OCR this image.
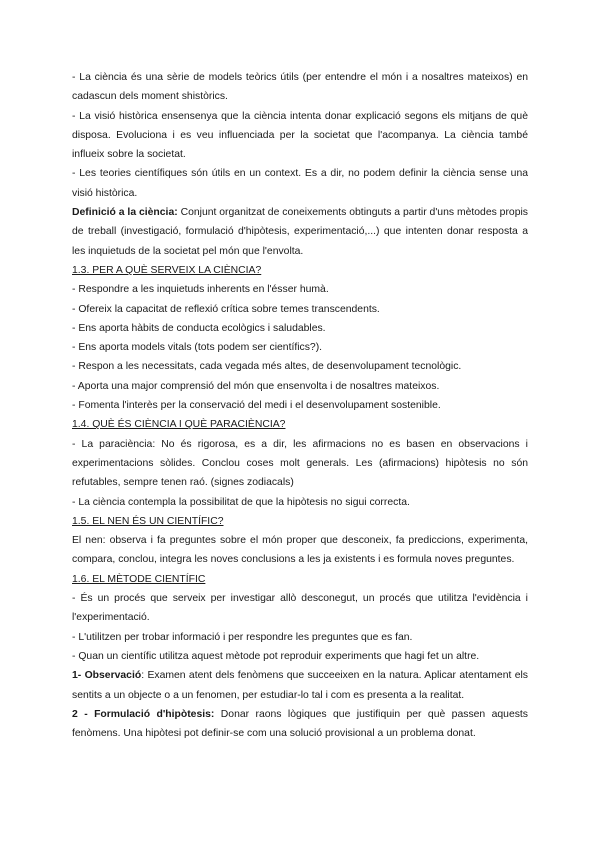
- La ciència és una sèrie de models teòrics útils (per entendre el món i a nosaltres mateixos) en cadascun dels moment shistòrics.

- La visió històrica ensensenya que la ciència intenta donar explicació segons els mitjans de què disposa. Evoluciona i es veu influenciada per la societat que l'acompanya. La ciència també influeix sobre la societat.

- Les teories científiques són útils en un context. Es a dir, no podem definir la ciència sense una visió històrica.

Definició a la ciència: Conjunt organitzat de coneixements obtinguts a partir d'uns mètodes propis de treball (investigació, formulació d'hipòtesis, experimentació,...) que intenten donar resposta a les inquietuds de la societat pel món que l'envolta.

1.3. PER A QUÈ SERVEIX LA CIÈNCIA?

- Respondre a les inquietuds inherents en l'ésser humà.

- Ofereix la capacitat de reflexió crítica sobre temes transcendents.

- Ens aporta hàbits de conducta ecològics i saludables.

- Ens aporta models vitals (tots podem ser científics?).

- Respon a les necessitats, cada vegada més altes, de desenvolupament tecnològic.

- Aporta una major comprensió del món que ensenvolta i de nosaltres mateixos.

- Fomenta l'interès per la conservació del medi i el desenvolupament sostenible.

1.4. QUÈ ÉS CIÈNCIA I QUÈ PARACIÈNCIA?

- La paraciència: No és rigorosa, es a dir, les afirmacions no es basen en observacions i experimentacions sòlides. Conclou coses molt generals. Les (afirmacions) hipòtesis no són refutables, sempre tenen raó. (signes zodiacals)

- La ciència contempla la possibilitat de que la hipòtesis no sigui correcta.

1.5. EL NEN ÉS UN CIENTÍFIC?

El nen: observa i fa preguntes sobre el món proper que desconeix, fa prediccions, experimenta, compara, conclou, integra les noves conclusions a les ja existents i es formula noves preguntes.

1.6. EL MÈTODE CIENTÍFIC

- És un procés que serveix per investigar allò desconegut, un procés que utilitza l'evidència i l'experimentació.

- L'utilitzen per trobar informació i per respondre les preguntes que es fan.

- Quan un científic utilitza aquest mètode pot reproduir experiments que hagi fet un altre.

1- Observació: Examen atent dels fenòmens que succeeixen en la natura. Aplicar atentament els sentits a un objecte o a un fenomen, per estudiar-lo tal i com es presenta a la realitat.

2 - Formulació d'hipòtesis: Donar raons lògiques que justifiquin per què passen aquests fenòmens. Una hipòtesi pot definir-se com una solució provisional a un problema donat.
